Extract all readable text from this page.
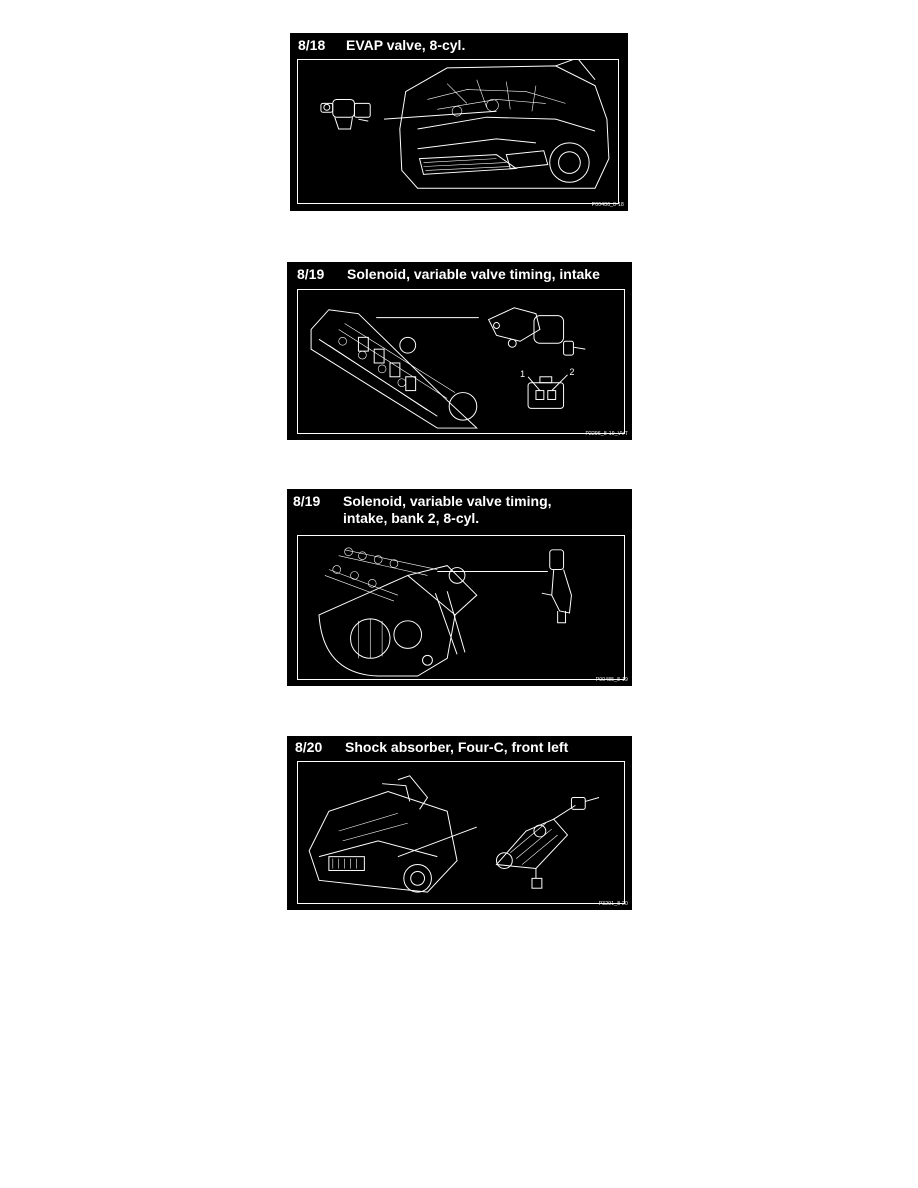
8/18 EVAP valve, 8-cyl.
P00486_8-18
8/19 Solenoid, variable valve timing, intake
1	2
P2296_8-19_VVT
8/19 Solenoid, variable valve timing,
intake, bank 2, 8-cyl.
P00485_8-19
8/20 Shock absorber, Four-C, front left
P3291_8-20
